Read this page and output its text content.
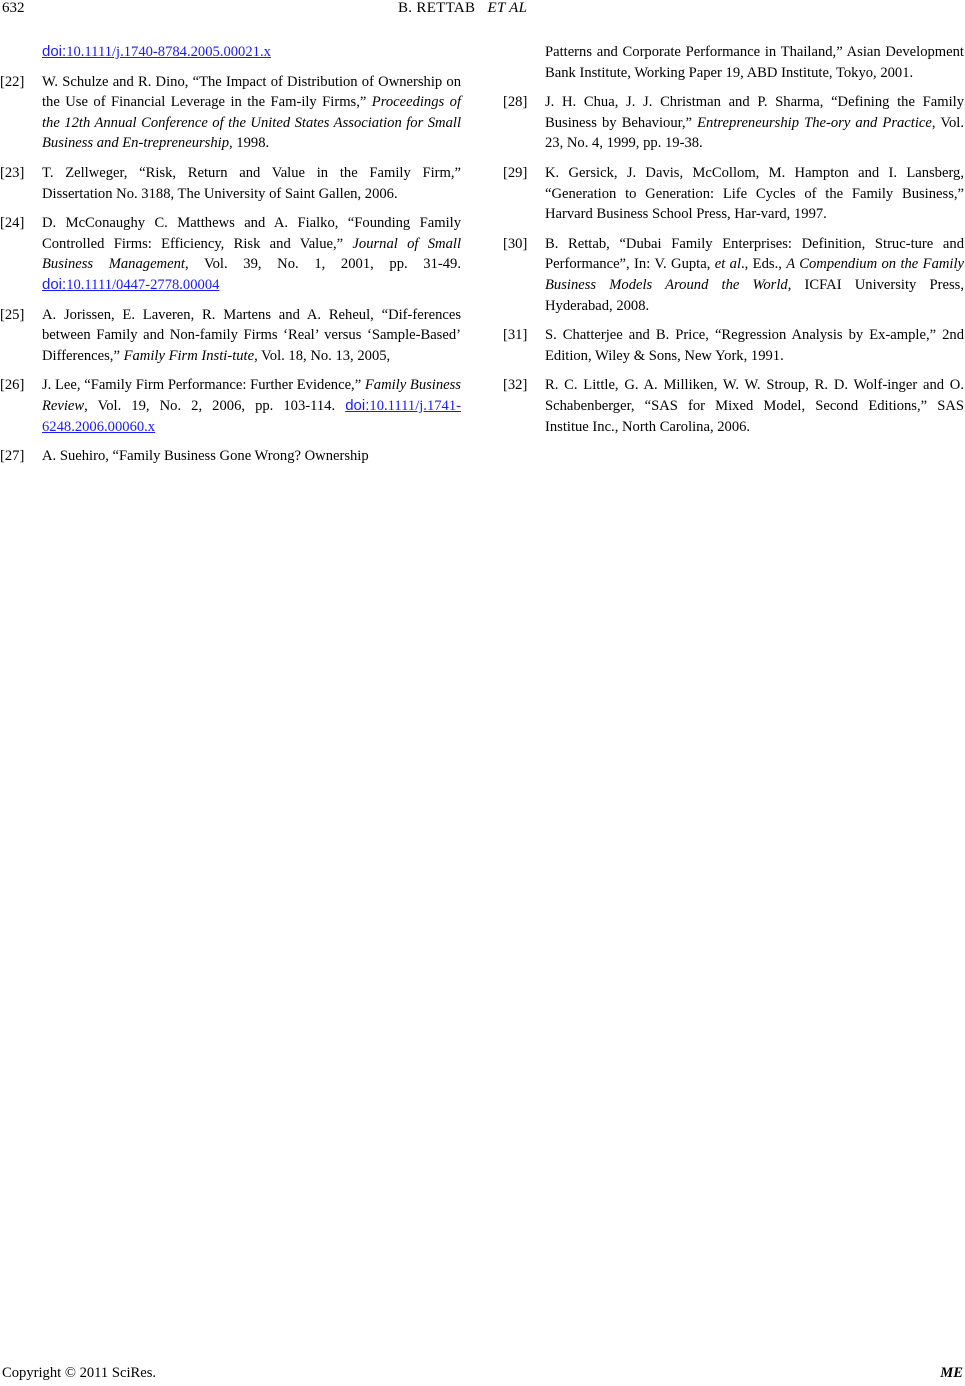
632	B. RETTAB ET AL
doi:10.1111/j.1740-8784.2005.00021.x
[22] W. Schulze and R. Dino, “The Impact of Distribution of Ownership on the Use of Financial Leverage in the Fam-ily Firms,” Proceedings of the 12th Annual Conference of the United States Association for Small Business and En-trepreneurship, 1998.
[23] T. Zellweger, “Risk, Return and Value in the Family Firm,” Dissertation No. 3188, The University of Saint Gallen, 2006.
[24] D. McConaughy C. Matthews and A. Fialko, “Founding Family Controlled Firms: Efficiency, Risk and Value,” Journal of Small Business Management, Vol. 39, No. 1, 2001, pp. 31-49. doi:10.1111/0447-2778.00004
[25] A. Jorissen, E. Laveren, R. Martens and A. Reheul, “Dif-ferences between Family and Non-family Firms ‘Real’ versus ‘Sample-Based’ Differences,” Family Firm Insti-tute, Vol. 18, No. 13, 2005,
[26] J. Lee, “Family Firm Performance: Further Evidence,” Family Business Review, Vol. 19, No. 2, 2006, pp. 103-114. doi:10.1111/j.1741-6248.2006.00060.x
[27] A. Suehiro, “Family Business Gone Wrong? Ownership
Patterns and Corporate Performance in Thailand,” Asian Development Bank Institute, Working Paper 19, ABD Institute, Tokyo, 2001.
[28] J. H. Chua, J. J. Christman and P. Sharma, “Defining the Family Business by Behaviour,” Entrepreneurship The-ory and Practice, Vol. 23, No. 4, 1999, pp. 19-38.
[29] K. Gersick, J. Davis, McCollom, M. Hampton and I. Lansberg, “Generation to Generation: Life Cycles of the Family Business,” Harvard Business School Press, Har-vard, 1997.
[30] B. Rettab, “Dubai Family Enterprises: Definition, Struc-ture and Performance”, In: V. Gupta, et al., Eds., A Compendium on the Family Business Models Around the World, ICFAI University Press, Hyderabad, 2008.
[31] S. Chatterjee and B. Price, “Regression Analysis by Ex-ample,” 2nd Edition, Wiley & Sons, New York, 1991.
[32] R. C. Little, G. A. Milliken, W. W. Stroup, R. D. Wolf-inger and O. Schabenberger, “SAS for Mixed Model, Second Editions,” SAS Institue Inc., North Carolina, 2006.
Copyright © 2011 SciRes.	ME
